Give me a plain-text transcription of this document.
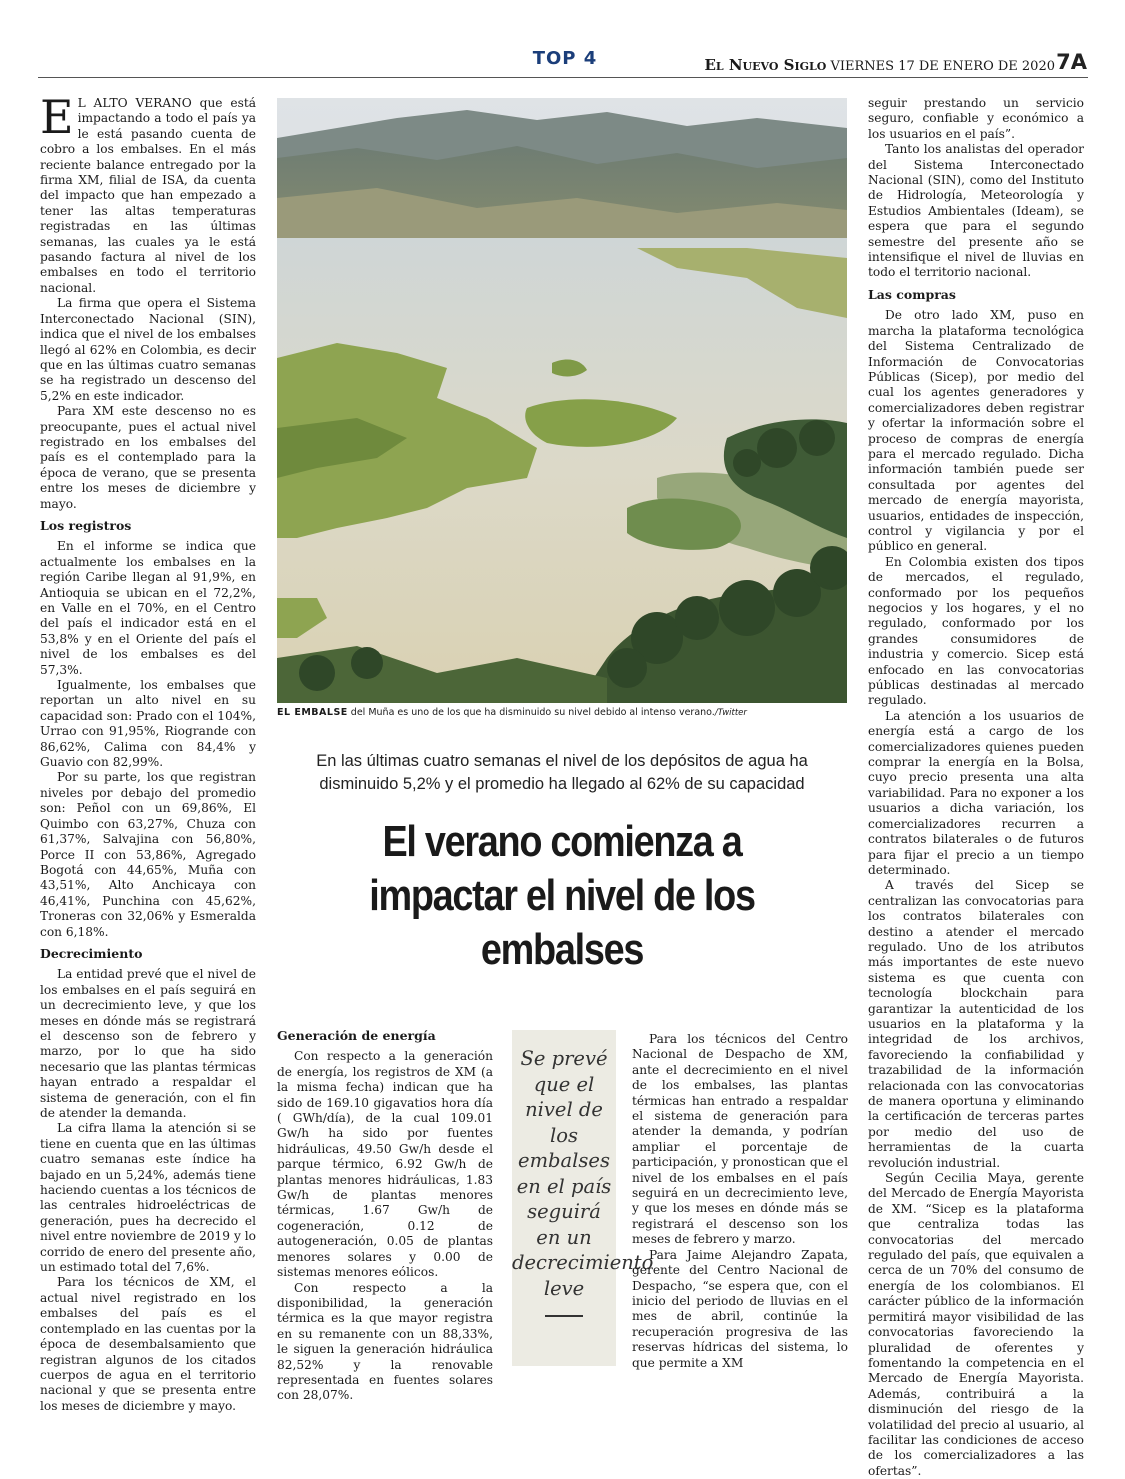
TOP 4	El Nuevo Siglo VIERNES 17 DE ENERO DE 2020 7A

E L ALTO VERANO que está impactando a todo el país ya le está pasando cuenta de cobro a los embalses. En el más reciente balance entregado por la firma XM, filial de ISA, da cuenta del impacto que han empezado a tener las altas temperaturas registradas en las últimas semanas, las cuales ya le está pasando factura al nivel de los embalses en todo el territorio nacional.

La firma que opera el Sistema Interconectado Nacional (SIN), indica que el nivel de los embalses llegó al 62% en Colombia, es decir que en las últimas cuatro semanas se ha registrado un descenso del 5,2% en este indicador.

Para XM este descenso no es preocupante, pues el actual nivel registrado en los embalses del país es el contemplado para la época de verano, que se presenta entre los meses de diciembre y mayo.

Los registros

En el informe se indica que actualmente los embalses en la región Caribe llegan al 91,9%, en Antioquia se ubican en el 72,2%, en Valle en el 70%, en el Centro del país el indicador está en el 53,8% y en el Oriente del país el nivel de los embalses es del 57,3%.

Igualmente, los embalses que reportan un alto nivel en su capacidad son: Prado con el 104%, Urrao con 91,95%, Riogrande con 86,62%, Calima con 84,4% y Guavio con 82,99%.

Por su parte, los que registran niveles por debajo del promedio son: Peñol con un 69,86%, El Quimbo con 63,27%, Chuza con 61,37%, Salvajina con 56,80%, Porce II con 53,86%, Agregado Bogotá con 44,65%, Muña con 43,51%, Alto Anchicaya con 46,41%, Punchina con 45,62%, Troneras con 32,06% y Esmeralda con 6,18%.

Decrecimiento

La entidad prevé que el nivel de los embalses en el país seguirá en un decrecimiento leve, y que los meses en dónde más se registrará el descenso son de febrero y marzo, por lo que ha sido necesario que las plantas térmicas hayan entrado a respaldar el sistema de generación, con el fin de atender la demanda.

La cifra llama la atención si se tiene en cuenta que en las últimas cuatro semanas este índice ha bajado en un 5,24%, además tiene haciendo cuentas a los técnicos de las centrales hidroeléctricas de generación, pues ha decrecido el nivel entre noviembre de 2019 y lo corrido de enero del presente año, un estimado total del 7,6%.

Para los técnicos de XM, el actual nivel registrado en los embalses del país es el contemplado en las cuentas por la época de desembalsamiento que registran algunos de los citados cuerpos de agua en el territorio nacional y que se presenta entre los meses de diciembre y mayo.

EL EMBALSE del Muña es uno de los que ha disminuido su nivel debido al intenso verano./Twitter
En las últimas cuatro semanas el nivel de los depósitos de agua ha disminuido 5,2% y el promedio ha llegado al 62% de su capacidad
El verano comienza a impactar el nivel de los embalses
Generación de energía

Con respecto a la generación de energía, los registros de XM (a la misma fecha) indican que ha sido de 169.10 gigavatios hora día ( GWh/día), de la cual 109.01 Gw/h ha sido por fuentes hidráulicas, 49.50 Gw/h desde el parque térmico, 6.92 Gw/h de plantas menores hidráulicas, 1.83 Gw/h de plantas menores térmicas, 1.67 Gw/h de cogeneración, 0.12 de autogeneración, 0.05 de plantas menores solares y 0.00 de sistemas menores eólicos.

Con respecto a la disponibilidad, la generación térmica es la que mayor registra en su remanente con un 88,33%, le siguen la generación hidráulica 82,52% y la renovable representada en fuentes solares con 28,07%.

Se prevé que el nivel de los embalses en el país seguirá en un decrecimiento leve

Para los técnicos del Centro Nacional de Despacho de XM, ante el decrecimiento en el nivel de los embalses, las plantas térmicas han entrado a respaldar el sistema de generación para atender la demanda, y podrían ampliar el porcentaje de participación, y pronostican que el nivel de los embalses en el país seguirá en un decrecimiento leve, y que los meses en dónde más se registrará el descenso son los meses de febrero y marzo.

Para Jaime Alejandro Zapata, gerente del Centro Nacional de Despacho, “se espera que, con el inicio del periodo de lluvias en el mes de abril, continúe la recuperación progresiva de las reservas hídricas del sistema, lo que permite a XM

seguir prestando un servicio seguro, confiable y económico a los usuarios en el país”.

Tanto los analistas del operador del Sistema Interconectado Nacional (SIN), como del Instituto de Hidrología, Meteorología y Estudios Ambientales (Ideam), se espera que para el segundo semestre del presente año se intensifique el nivel de lluvias en todo el territorio nacional.

Las compras

De otro lado XM, puso en marcha la plataforma tecnológica del Sistema Centralizado de Información de Convocatorias Públicas (Sicep), por medio del cual los agentes generadores y comercializadores deben registrar y ofertar la información sobre el proceso de compras de energía para el mercado regulado. Dicha información también puede ser consultada por agentes del mercado de energía mayorista, usuarios, entidades de inspección, control y vigilancia y por el público en general.

En Colombia existen dos tipos de mercados, el regulado, conformado por los pequeños negocios y los hogares, y el no regulado, conformado por los grandes consumidores de industria y comercio. Sicep está enfocado en las convocatorias públicas destinadas al mercado regulado.

La atención a los usuarios de energía está a cargo de los comercializadores quienes pueden comprar la energía en la Bolsa, cuyo precio presenta una alta variabilidad. Para no exponer a los usuarios a dicha variación, los comercializadores recurren a contratos bilaterales o de futuros para fijar el precio a un tiempo determinado.

A través del Sicep se centralizan las convocatorias para los contratos bilaterales con destino a atender el mercado regulado. Uno de los atributos más importantes de este nuevo sistema es que cuenta con tecnología blockchain para garantizar la autenticidad de los usuarios en la plataforma y la integridad de los archivos, favoreciendo la confiabilidad y trazabilidad de la información relacionada con las convocatorias de manera oportuna y eliminando la certificación de terceras partes por medio del uso de herramientas de la cuarta revolución industrial.

Según Cecilia Maya, gerente del Mercado de Energía Mayorista de XM. “Sicep es la plataforma que centraliza todas las convocatorias del mercado regulado del país, que equivalen a cerca de un 70% del consumo de energía de los colombianos. El carácter público de la información permitirá mayor visibilidad de las convocatorias favoreciendo la pluralidad de oferentes y fomentando la competencia en el Mercado de Energía Mayorista. Además, contribuirá a la disminución del riesgo de la volatilidad del precio al usuario, al facilitar las condiciones de acceso de los comercializadores a las ofertas”.
